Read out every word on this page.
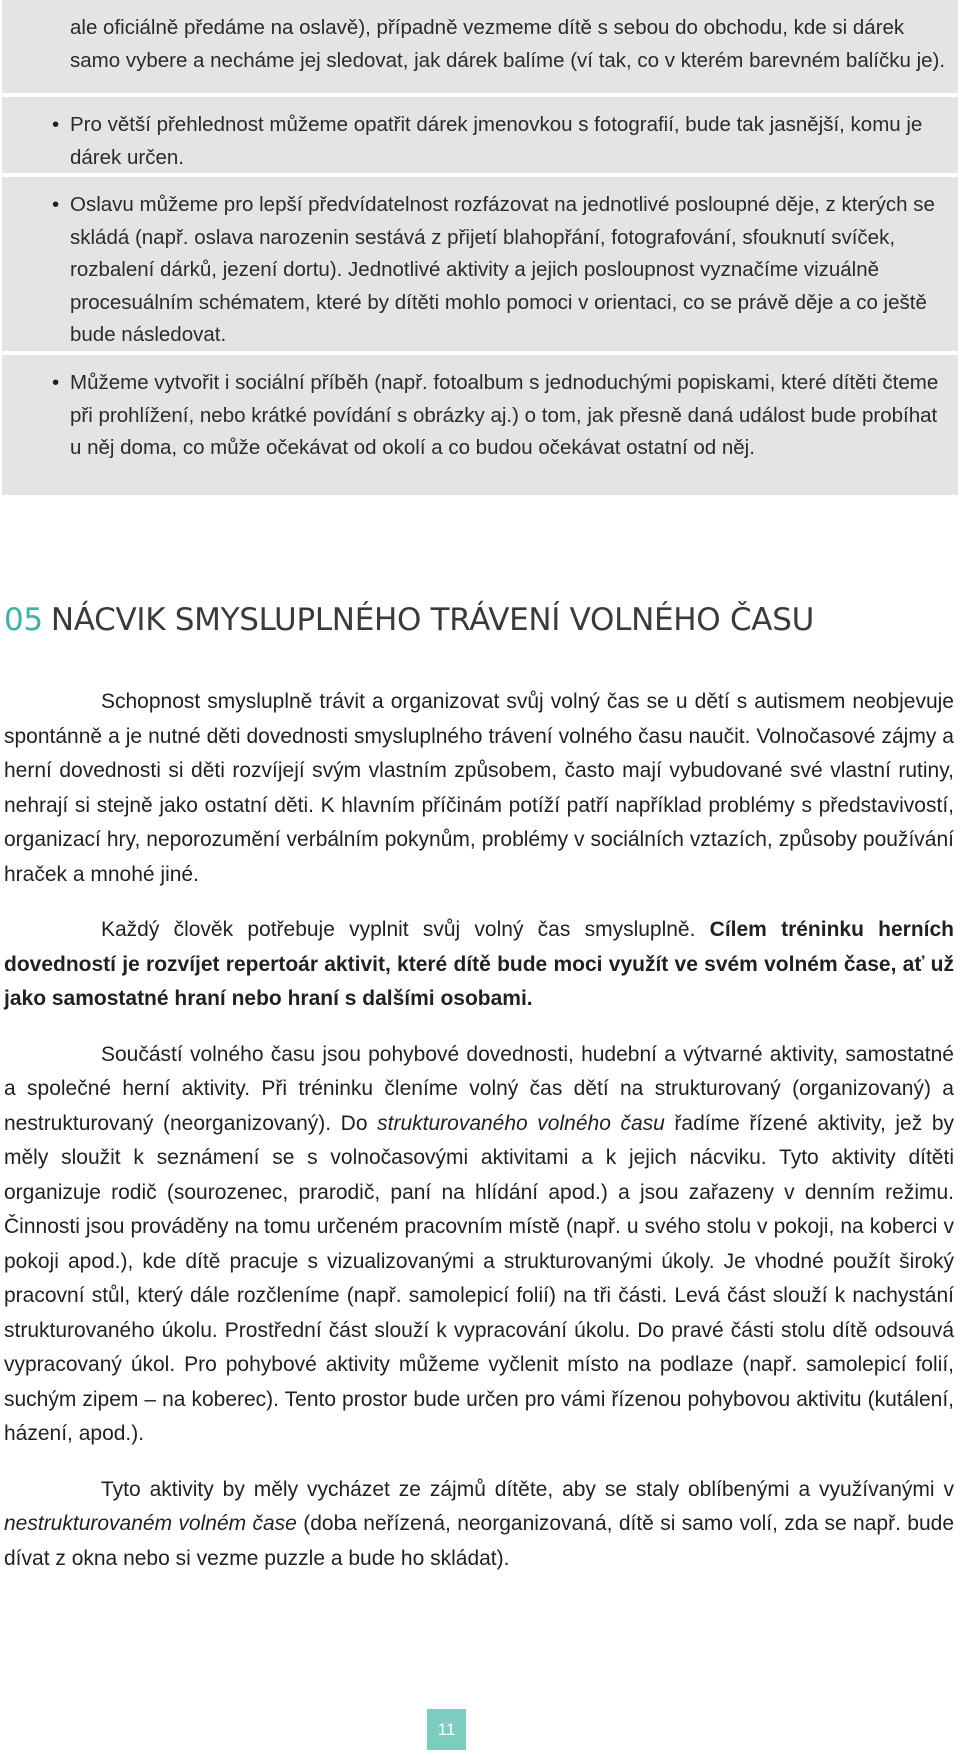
ale oficiálně předáme na oslavě), případně vezmeme dítě s sebou do obchodu, kde si dárek samo vybere a necháme jej sledovat, jak dárek balíme (ví tak, co v kterém barevném balíčku je).

• Pro větší přehlednost můžeme opatřit dárek jmenovkou s fotografií, bude tak jasnější, komu je dárek určen.

• Oslavu můžeme pro lepší předvídatelnost rozfázovat na jednotlivé posloupné děje, z kterých se skládá (např. oslava narozenin sestává z přijetí blahopřání, fotografování, sfouknutí svíček, rozbalení dárků, jezení dortu). Jednotlivé aktivity a jejich posloupnost vyznačíme vizuálně procesuálním schématem, které by dítěti mohlo pomoci v orientaci, co se právě děje a co ještě bude následovat.

• Můžeme vytvořit i sociální příběh (např. fotoalbum s jednoduchými popiskami, které dítěti čteme při prohlížení, nebo krátké povídání s obrázky aj.) o tom, jak přesně daná událost bude probíhat u něj doma, co může očekávat od okolí a co budou očekávat ostatní od něj.

05 NÁCVIK SMYSLUPLNÉHO TRÁVENÍ VOLNÉHO ČASU

Schopnost smysluplně trávit a organizovat svůj volný čas se u dětí s autismem neobjevuje spontánně a je nutné děti dovednosti smysluplného trávení volného času naučit. Volnočasové zájmy a herní dovednosti si děti rozvíjejí svým vlastním způsobem, často mají vybudované své vlastní rutiny, nehrají si stejně jako ostatní děti. K hlavním příčinám potíží patří například problémy s představivostí, organizací hry, neporozumění verbálním pokynům, problémy v sociálních vztazích, způsoby používání hraček a mnohé jiné.

Každý člověk potřebuje vyplnit svůj volný čas smysluplně. Cílem tréninku herních dovedností je rozvíjet repertoár aktivit, které dítě bude moci využít ve svém volném čase, ať už jako samostatné hraní nebo hraní s dalšími osobami.

Součástí volného času jsou pohybové dovednosti, hudební a výtvarné aktivity, samostatné a společné herní aktivity. Při tréninku členíme volný čas dětí na strukturovaný (organizovaný) a nestrukturovaný (neorganizovaný). Do strukturovaného volného času řadíme řízené aktivity, jež by měly sloužit k seznámení se s volnočasovými aktivitami a k jejich nácviku. Tyto aktivity dítěti organizuje rodič (sourozenec, prarodič, paní na hlídání apod.) a jsou zařazeny v denním režimu. Činnosti jsou prováděny na tomu určeném pracovním místě (např. u svého stolu v pokoji, na koberci v pokoji apod.), kde dítě pracuje s vizualizovanými a strukturovanými úkoly. Je vhodné použít široký pracovní stůl, který dále rozčleníme (např. samolepicí folií) na tři části. Levá část slouží k nachystání strukturovaného úkolu. Prostřední část slouží k vypracování úkolu. Do pravé části stolu dítě odsouvá vypracovaný úkol. Pro pohybové aktivity můžeme vyčlenit místo na podlaze (např. samolepicí folií, suchým zipem – na koberec). Tento prostor bude určen pro vámi řízenou pohybovou aktivitu (kutálení, házení, apod.).

Tyto aktivity by měly vycházet ze zájmů dítěte, aby se staly oblíbenými a využívanými v nestrukturovaném volném čase (doba neřízená, neorganizovaná, dítě si samo volí, zda se např. bude dívat z okna nebo si vezme puzzle a bude ho skládat).

11
